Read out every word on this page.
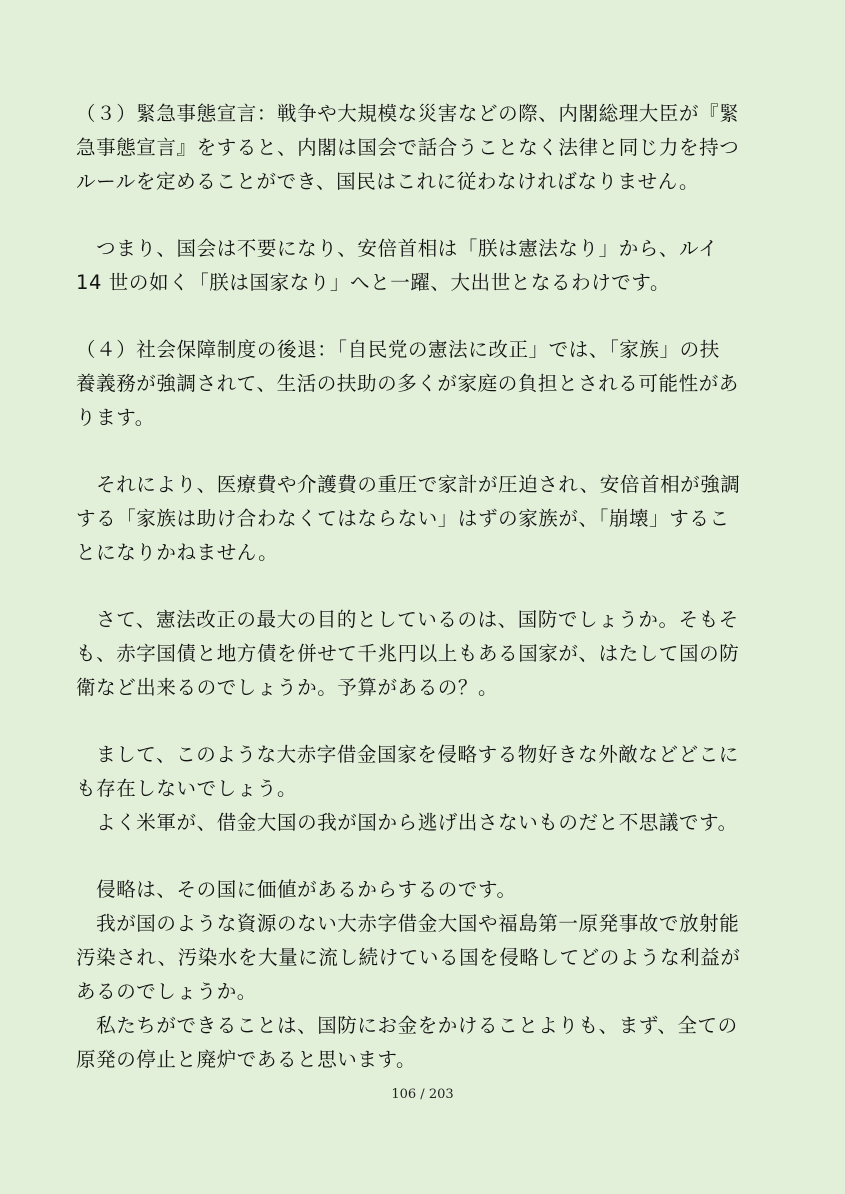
（３）緊急事態宣言：戦争や大規模な災害などの際、内閣総理大臣が『緊
急事態宣言』をすると、内閣は国会で話合うことなく法律と同じ力を持つ
ルールを定めることができ、国民はこれに従わなければなりません。
　つまり、国会は不要になり、安倍首相は「朕は憲法なり」から、ルイ
14 世の如く「朕は国家なり」へと一躍、大出世となるわけです。
（４）社会保障制度の後退：「自民党の憲法に改正」では、「家族」の扶
養義務が強調されて、生活の扶助の多くが家庭の負担とされる可能性があ
ります。
　それにより、医療費や介護費の重圧で家計が圧迫され、安倍首相が強調
する「家族は助け合わなくてはならない」はずの家族が、「崩壊」するこ
とになりかねません。
　さて、憲法改正の最大の目的としているのは、国防でしょうか。そもそ
も、赤字国債と地方債を併せて千兆円以上もある国家が、はたして国の防
衛など出来るのでしょうか。予算があるの？。
　まして、このような大赤字借金国家を侵略する物好きな外敵などどこに
も存在しないでしょう。
　よく米軍が、借金大国の我が国から逃げ出さないものだと不思議です。
　侵略は、その国に価値があるからするのです。
　我が国のような資源のない大赤字借金大国や福島第一原発事故で放射能
汚染され、汚染水を大量に流し続けている国を侵略してどのような利益が
あるのでしょうか。
　私たちができることは、国防にお金をかけることよりも、まず、全ての
原発の停止と廃炉であると思います。
106 / 203
